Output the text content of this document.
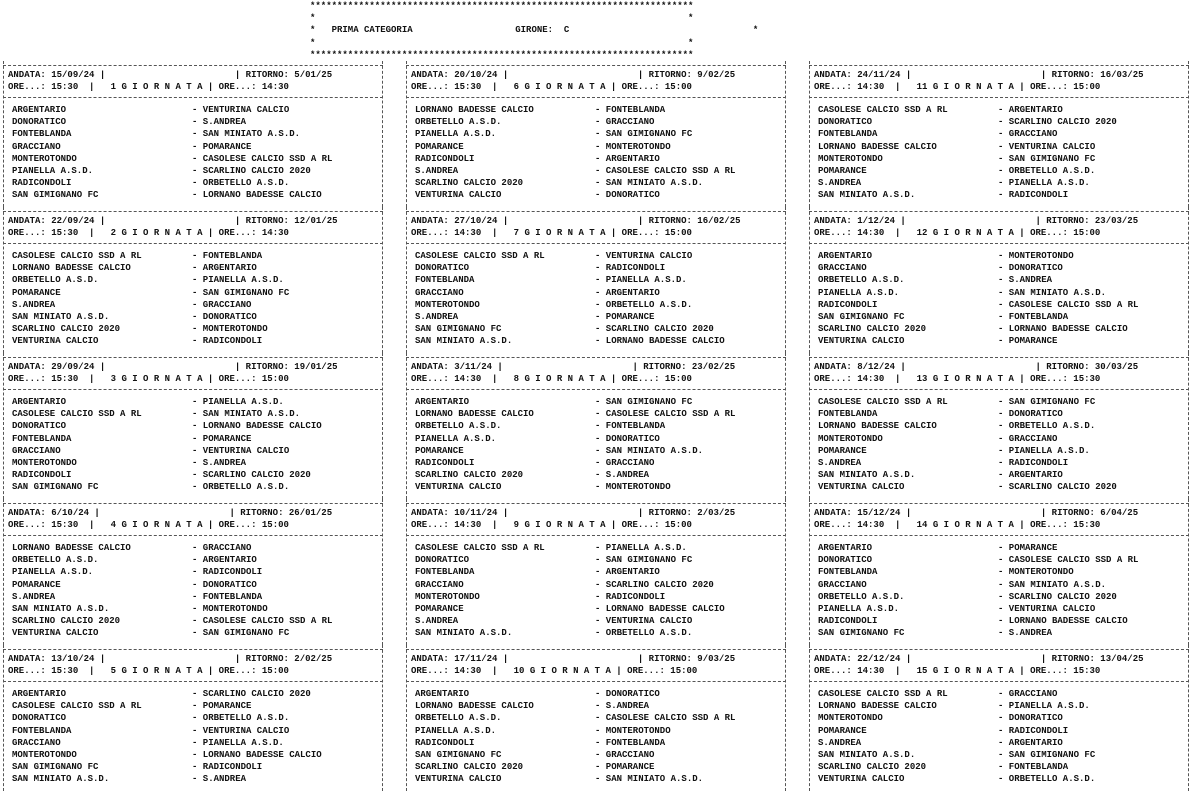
***********************************************************************
*                                                                     *
*   PRIMA CATEGORIA	GIRONE: C                                  *
*                                                                     *
***********************************************************************
ANDATA: 15/09/24 |                        | RITORNO: 5/01/25
ORE...: 15:30  |   1 G I O R N A T A | ORE...: 14:30
ARGENTARIO	- VENTURINA CALCIO
DONORATICO	- S.ANDREA
FONTEBLANDA	- SAN MINIATO A.S.D.
GRACCIANO	- POMARANCE
MONTEROTONDO	- CASOLESE CALCIO SSD A RL
PIANELLA A.S.D.	- SCARLINO CALCIO 2020
RADICONDOLI	- ORBETELLO A.S.D.
SAN GIMIGNANO FC	- LORNANO BADESSE CALCIO
ANDATA: 22/09/24 |                        | RITORNO: 12/01/25
ORE...: 15:30  |   2 G I O R N A T A | ORE...: 14:30
CASOLESE CALCIO SSD A RL	- FONTEBLANDA
LORNANO BADESSE CALCIO	- ARGENTARIO
ORBETELLO A.S.D.	- PIANELLA A.S.D.
POMARANCE	- SAN GIMIGNANO FC
S.ANDREA	- GRACCIANO
SAN MINIATO A.S.D.	- DONORATICO
SCARLINO CALCIO 2020	- MONTEROTONDO
VENTURINA CALCIO	- RADICONDOLI
ANDATA: 29/09/24 |                        | RITORNO: 19/01/25
ORE...: 15:30  |   3 G I O R N A T A | ORE...: 15:00
ARGENTARIO	- PIANELLA A.S.D.
CASOLESE CALCIO SSD A RL	- SAN MINIATO A.S.D.
DONORATICO	- LORNANO BADESSE CALCIO
FONTEBLANDA	- POMARANCE
GRACCIANO	- VENTURINA CALCIO
MONTEROTONDO	- S.ANDREA
RADICONDOLI	- SCARLINO CALCIO 2020
SAN GIMIGNANO FC	- ORBETELLO A.S.D.
ANDATA: 6/10/24 |                        | RITORNO: 26/01/25
ORE...: 15:30  |   4 G I O R N A T A | ORE...: 15:00
LORNANO BADESSE CALCIO	- GRACCIANO
ORBETELLO A.S.D.	- ARGENTARIO
PIANELLA A.S.D.	- RADICONDOLI
POMARANCE	- DONORATICO
S.ANDREA	- FONTEBLANDA
SAN MINIATO A.S.D.	- MONTEROTONDO
SCARLINO CALCIO 2020	- CASOLESE CALCIO SSD A RL
VENTURINA CALCIO	- SAN GIMIGNANO FC
ANDATA: 13/10/24 |                        | RITORNO: 2/02/25
ORE...: 15:30  |   5 G I O R N A T A | ORE...: 15:00
ARGENTARIO	- SCARLINO CALCIO 2020
CASOLESE CALCIO SSD A RL	- POMARANCE
DONORATICO	- ORBETELLO A.S.D.
FONTEBLANDA	- VENTURINA CALCIO
GRACCIANO	- PIANELLA A.S.D.
MONTEROTONDO	- LORNANO BADESSE CALCIO
SAN GIMIGNANO FC	- RADICONDOLI
SAN MINIATO A.S.D.	- S.ANDREA
ANDATA: 20/10/24 |                        | RITORNO: 9/02/25
ORE...: 15:30  |   6 G I O R N A T A | ORE...: 15:00
LORNANO BADESSE CALCIO	- FONTEBLANDA
ORBETELLO A.S.D.	- GRACCIANO
PIANELLA A.S.D.	- SAN GIMIGNANO FC
POMARANCE	- MONTEROTONDO
RADICONDOLI	- ARGENTARIO
S.ANDREA	- CASOLESE CALCIO SSD A RL
SCARLINO CALCIO 2020	- SAN MINIATO A.S.D.
VENTURINA CALCIO	- DONORATICO
ANDATA: 27/10/24 |                        | RITORNO: 16/02/25
ORE...: 14:30  |   7 G I O R N A T A | ORE...: 15:00
CASOLESE CALCIO SSD A RL	- VENTURINA CALCIO
DONORATICO	- RADICONDOLI
FONTEBLANDA	- PIANELLA A.S.D.
GRACCIANO	- ARGENTARIO
MONTEROTONDO	- ORBETELLO A.S.D.
S.ANDREA	- POMARANCE
SAN GIMIGNANO FC	- SCARLINO CALCIO 2020
SAN MINIATO A.S.D.	- LORNANO BADESSE CALCIO
ANDATA: 3/11/24 |                        | RITORNO: 23/02/25
ORE...: 14:30  |   8 G I O R N A T A | ORE...: 15:00
ARGENTARIO	- SAN GIMIGNANO FC
LORNANO BADESSE CALCIO	- CASOLESE CALCIO SSD A RL
ORBETELLO A.S.D.	- FONTEBLANDA
PIANELLA A.S.D.	- DONORATICO
POMARANCE	- SAN MINIATO A.S.D.
RADICONDOLI	- GRACCIANO
SCARLINO CALCIO 2020	- S.ANDREA
VENTURINA CALCIO	- MONTEROTONDO
ANDATA: 10/11/24 |                        | RITORNO: 2/03/25
ORE...: 14:30  |   9 G I O R N A T A | ORE...: 15:00
CASOLESE CALCIO SSD A RL	- PIANELLA A.S.D.
DONORATICO	- SAN GIMIGNANO FC
FONTEBLANDA	- ARGENTARIO
GRACCIANO	- SCARLINO CALCIO 2020
MONTEROTONDO	- RADICONDOLI
POMARANCE	- LORNANO BADESSE CALCIO
S.ANDREA	- VENTURINA CALCIO
SAN MINIATO A.S.D.	- ORBETELLO A.S.D.
ANDATA: 17/11/24 |                        | RITORNO: 9/03/25
ORE...: 14:30  |   10 G I O R N A T A | ORE...: 15:00
ARGENTARIO	- DONORATICO
LORNANO BADESSE CALCIO	- S.ANDREA
ORBETELLO A.S.D.	- CASOLESE CALCIO SSD A RL
PIANELLA A.S.D.	- MONTEROTONDO
RADICONDOLI	- FONTEBLANDA
SAN GIMIGNANO FC	- GRACCIANO
SCARLINO CALCIO 2020	- POMARANCE
VENTURINA CALCIO	- SAN MINIATO A.S.D.
ANDATA: 24/11/24 |                        | RITORNO: 16/03/25
ORE...: 14:30  |   11 G I O R N A T A | ORE...: 15:00
CASOLESE CALCIO SSD A RL	- ARGENTARIO
DONORATICO	- SCARLINO CALCIO 2020
FONTEBLANDA	- GRACCIANO
LORNANO BADESSE CALCIO	- VENTURINA CALCIO
MONTEROTONDO	- SAN GIMIGNANO FC
POMARANCE	- ORBETELLO A.S.D.
S.ANDREA	- PIANELLA A.S.D.
SAN MINIATO A.S.D.	- RADICONDOLI
ANDATA: 1/12/24 |                        | RITORNO: 23/03/25
ORE...: 14:30  |   12 G I O R N A T A | ORE...: 15:00
ARGENTARIO	- MONTEROTONDO
GRACCIANO	- DONORATICO
ORBETELLO A.S.D.	- S.ANDREA
PIANELLA A.S.D.	- SAN MINIATO A.S.D.
RADICONDOLI	- CASOLESE CALCIO SSD A RL
SAN GIMIGNANO FC	- FONTEBLANDA
SCARLINO CALCIO 2020	- LORNANO BADESSE CALCIO
VENTURINA CALCIO	- POMARANCE
ANDATA: 8/12/24 |                        | RITORNO: 30/03/25
ORE...: 14:30  |   13 G I O R N A T A | ORE...: 15:30
CASOLESE CALCIO SSD A RL	- SAN GIMIGNANO FC
FONTEBLANDA	- DONORATICO
LORNANO BADESSE CALCIO	- ORBETELLO A.S.D.
MONTEROTONDO	- GRACCIANO
POMARANCE	- PIANELLA A.S.D.
S.ANDREA	- RADICONDOLI
SAN MINIATO A.S.D.	- ARGENTARIO
VENTURINA CALCIO	- SCARLINO CALCIO 2020
ANDATA: 15/12/24 |                        | RITORNO: 6/04/25
ORE...: 14:30  |   14 G I O R N A T A | ORE...: 15:30
ARGENTARIO	- POMARANCE
DONORATICO	- CASOLESE CALCIO SSD A RL
FONTEBLANDA	- MONTEROTONDO
GRACCIANO	- SAN MINIATO A.S.D.
ORBETELLO A.S.D.	- SCARLINO CALCIO 2020
PIANELLA A.S.D.	- VENTURINA CALCIO
RADICONDOLI	- LORNANO BADESSE CALCIO
SAN GIMIGNANO FC	- S.ANDREA
ANDATA: 22/12/24 |                        | RITORNO: 13/04/25
ORE...: 14:30  |   15 G I O R N A T A | ORE...: 15:30
CASOLESE CALCIO SSD A RL	- GRACCIANO
LORNANO BADESSE CALCIO	- PIANELLA A.S.D.
MONTEROTONDO	- DONORATICO
POMARANCE	- RADICONDOLI
S.ANDREA	- ARGENTARIO
SAN MINIATO A.S.D.	- SAN GIMIGNANO FC
SCARLINO CALCIO 2020	- FONTEBLANDA
VENTURINA CALCIO	- ORBETELLO A.S.D.
